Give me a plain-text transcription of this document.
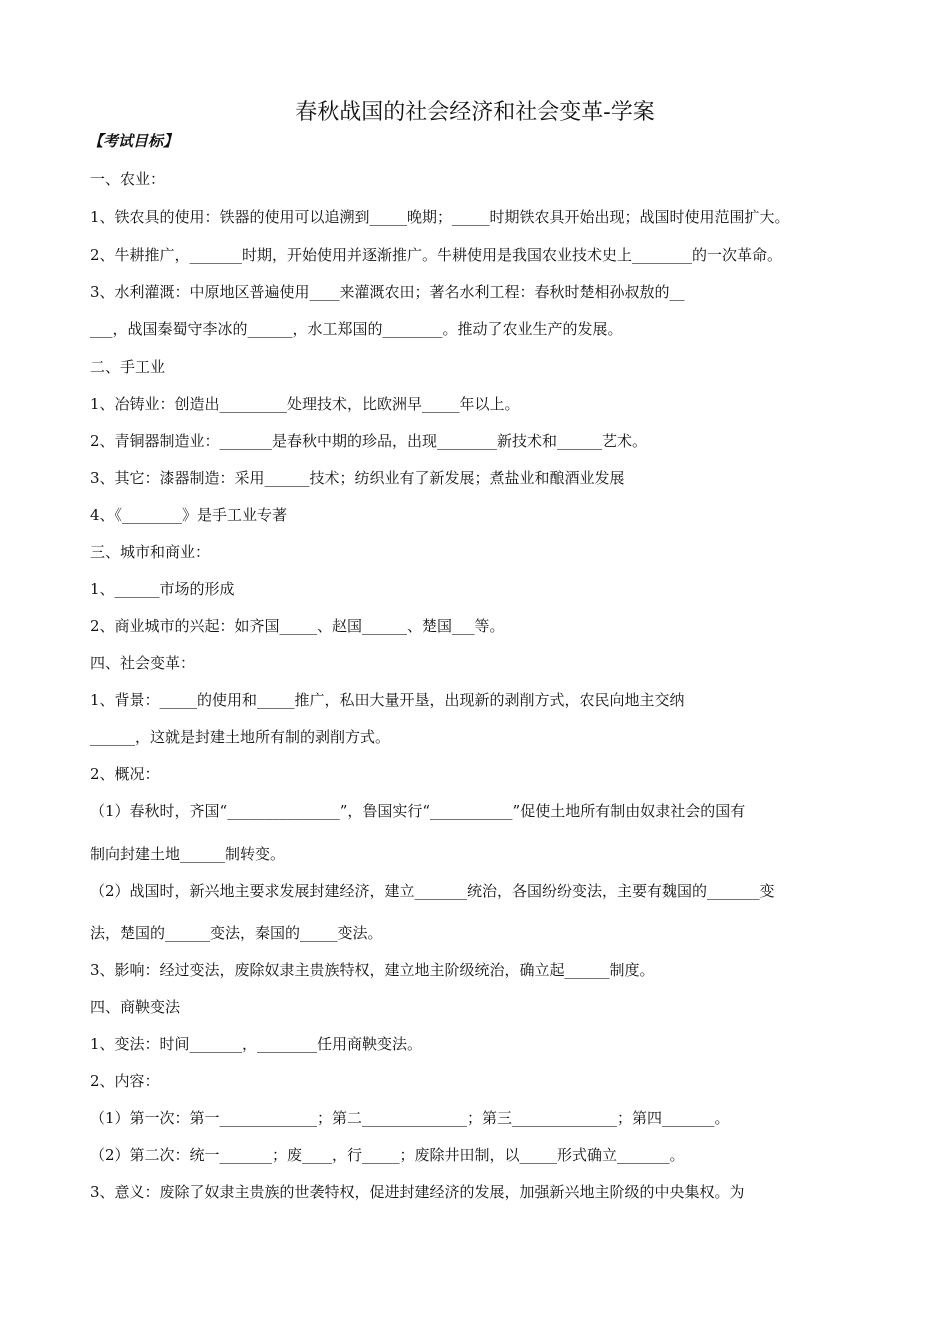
春秋战国的社会经济和社会变革-学案
【考试目标】
一、农业：
1、铁农具的使用：铁器的使用可以追溯到_____晚期；_____时期铁农具开始出现；战国时使用范围扩大。
2、牛耕推广，_______时期，开始使用并逐渐推广。牛耕使用是我国农业技术史上________的一次革命。
3、水利灌溉：中原地区普遍使用____来灌溉农田；著名水利工程：春秋时楚相孙叔敖的__
___，战国秦蜀守李冰的______，水工郑国的________。推动了农业生产的发展。
二、手工业
1、冶铸业：创造出_________处理技术，比欧洲早_____年以上。
2、青铜器制造业：_______是春秋中期的珍品，出现________新技术和______艺术。
3、其它：漆器制造：采用______技术；纺织业有了新发展；煮盐业和酿酒业发展
4、《________》是手工业专著
三、城市和商业：
1、______市场的形成
2、商业城市的兴起：如齐国_____、赵国______、楚国___等。
四、社会变革：
1、背景：_____的使用和_____推广，私田大量开垦，出现新的剥削方式，农民向地主交纳
______，这就是封建土地所有制的剥削方式。
2、概况：
（1）春秋时，齐国“_______________”，鲁国实行“___________”促使土地所有制由奴隶社会的国有
制向封建土地______制转变。
（2）战国时，新兴地主要求发展封建经济，建立_______统治，各国纷纷变法，主要有魏国的_______变
法，楚国的______变法，秦国的_____变法。
3、影响：经过变法，废除奴隶主贵族特权，建立地主阶级统治，确立起______制度。
四、商鞅变法
1、变法：时间_______，________任用商鞅变法。
2、内容：
（1）第一次：第一_____________；第二______________；第三______________；第四_______。
（2）第二次：统一_______；废____，行_____；废除井田制，以_____形式确立_______。
3、意义：废除了奴隶主贵族的世袭特权，促进封建经济的发展，加强新兴地主阶级的中央集权。为
